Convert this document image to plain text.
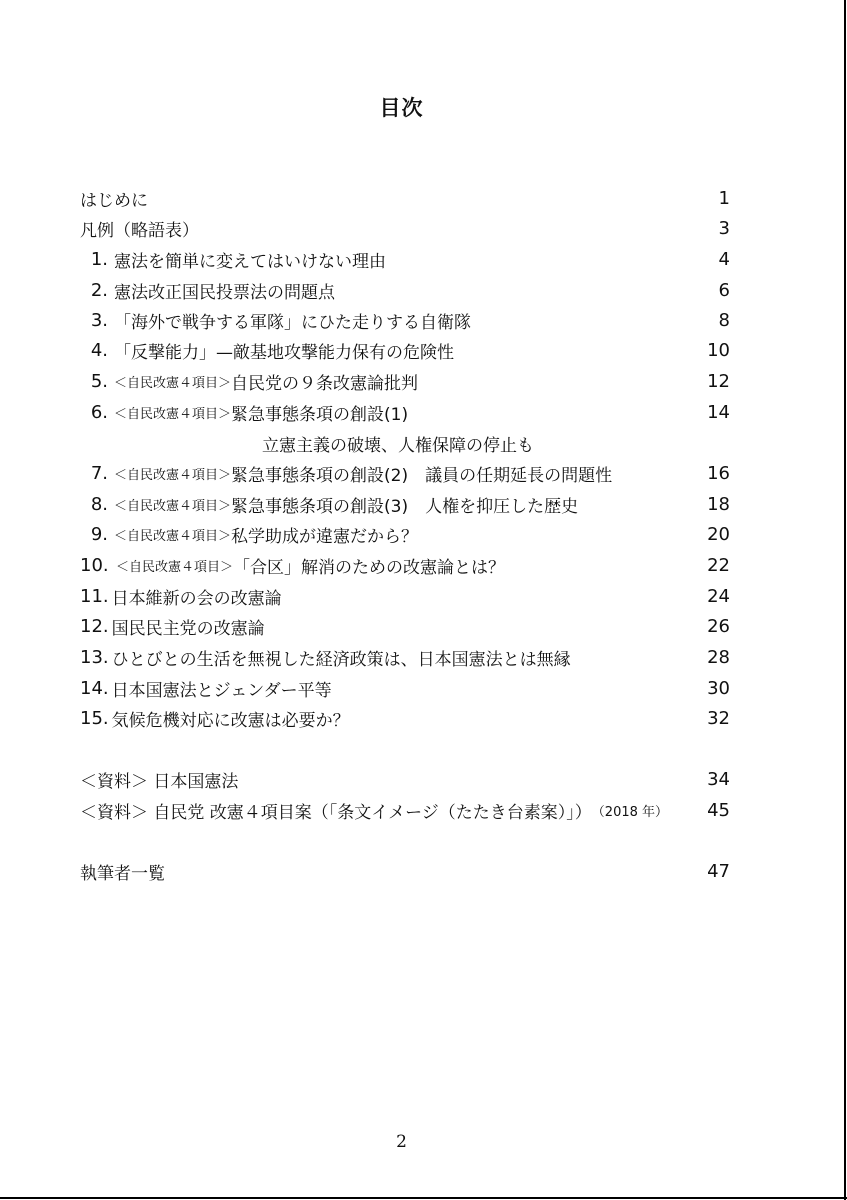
目次
はじめに	1
凡例（略語表）	3
1. 憲法を簡単に変えてはいけない理由	4
2. 憲法改正国民投票法の問題点	6
3. 「海外で戦争する軍隊」にひた走りする自衛隊	8
4. 「反撃能力」—敵基地攻撃能力保有の危険性	10
5. ＜自民改憲４項目＞ 自民党の９条改憲論批判	12
6. ＜自民改憲４項目＞ 緊急事態条項の創設(1)	14
立憲主義の破壊、人権保障の停止も
7. ＜自民改憲４項目＞ 緊急事態条項の創設(2)　議員の任期延長の問題性	16
8. ＜自民改憲４項目＞ 緊急事態条項の創設(3)　人権を抑圧した歴史	18
9. ＜自民改憲４項目＞ 私学助成が違憲だから？	20
10. ＜自民改憲４項目＞ 「合区」解消のための改憲論とは？	22
11. 日本維新の会の改憲論	24
12. 国民民主党の改憲論	26
13. ひとびとの生活を無視した経済政策は、日本国憲法とは無縁	28
14. 日本国憲法とジェンダー平等	30
15. 気候危機対応に改憲は必要か？	32
＜資料＞ 日本国憲法	34
＜資料＞ 自民党 改憲４項目案（「条文イメージ（たたき台素案）」） （2018 年）	45
執筆者一覧	47
2
